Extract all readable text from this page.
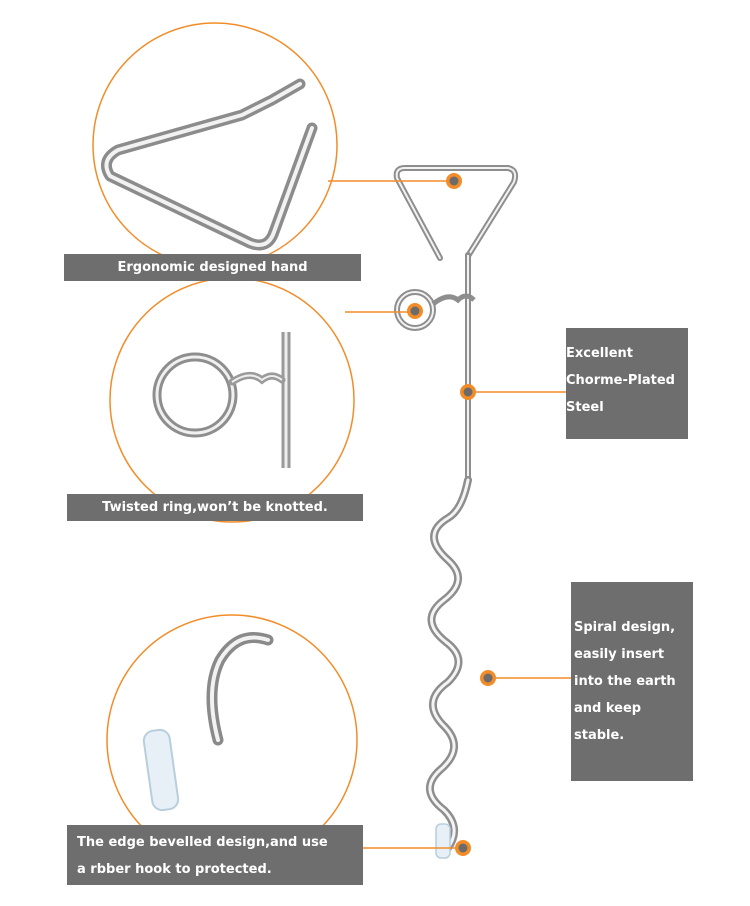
Ergonomic designed hand
Twisted ring,won’t be knotted.
The edge bevelled design,and use
a rbber hook to protected.
Excellent
Chorme-Plated
Steel
Spiral design,
easily insert
into the earth
and keep
stable.
